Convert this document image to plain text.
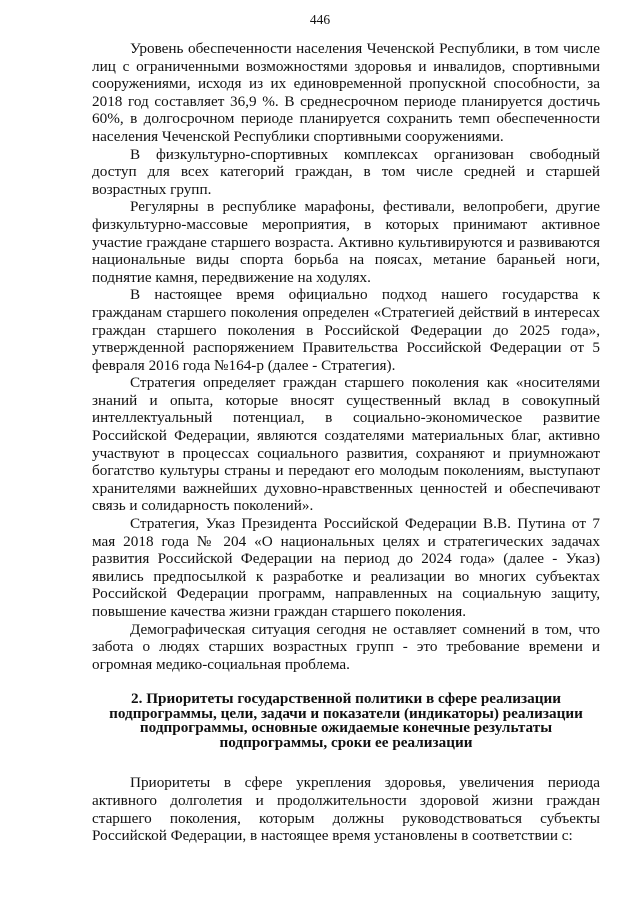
446

Уровень обеспеченности населения Чеченской Республики, в том числе лиц с ограниченными возможностями здоровья и инвалидов, спортивными сооружениями, исходя из их единовременной пропускной способности, за 2018 год составляет 36,9 %. В среднесрочном периоде планируется достичь 60%, в долгосрочном периоде планируется сохранить темп обеспеченности населения Чеченской Республики спортивными сооружениями.

В физкультурно-спортивных комплексах организован свободный доступ для всех категорий граждан, в том числе средней и старшей возрастных групп.

Регулярны в республике марафоны, фестивали, велопробеги, другие физкультурно-массовые мероприятия, в которых принимают активное участие граждане старшего возраста. Активно культивируются и развиваются национальные виды спорта борьба на поясах, метание бараньей ноги, поднятие камня, передвижение на ходулях.

В настоящее время официально подход нашего государства к гражданам старшего поколения определен «Стратегией действий в интересах граждан старшего поколения в Российской Федерации до 2025 года», утвержденной распоряжением Правительства Российской Федерации от 5 февраля 2016 года №164-р (далее - Стратегия).

Стратегия определяет граждан старшего поколения как «носителями знаний и опыта, которые вносят существенный вклад в совокупный интеллектуальный потенциал, в социально-экономическое развитие Российской Федерации, являются создателями материальных благ, активно участвуют в процессах социального развития, сохраняют и приумножают богатство культуры страны и передают его молодым поколениям, выступают хранителями важнейших духовно-нравственных ценностей и обеспечивают связь и солидарность поколений».

Стратегия, Указ Президента Российской Федерации В.В. Путина от 7 мая 2018 года № 204 «О национальных целях и стратегических задачах развития Российской Федерации на период до 2024 года» (далее - Указ) явились предпосылкой к разработке и реализации во многих субъектах Российской Федерации программ, направленных на социальную защиту, повышение качества жизни граждан старшего поколения.

Демографическая ситуация сегодня не оставляет сомнений в том, что забота о людях старших возрастных групп - это требование времени и огромная медико-социальная проблема.

2. Приоритеты государственной политики в сфере реализации подпрограммы, цели, задачи и показатели (индикаторы) реализации подпрограммы, основные ожидаемые конечные результаты подпрограммы, сроки ее реализации

Приоритеты в сфере укрепления здоровья, увеличения периода активного долголетия и продолжительности здоровой жизни граждан старшего поколения, которым должны руководствоваться субъекты Российской Федерации, в настоящее время установлены в соответствии с:
